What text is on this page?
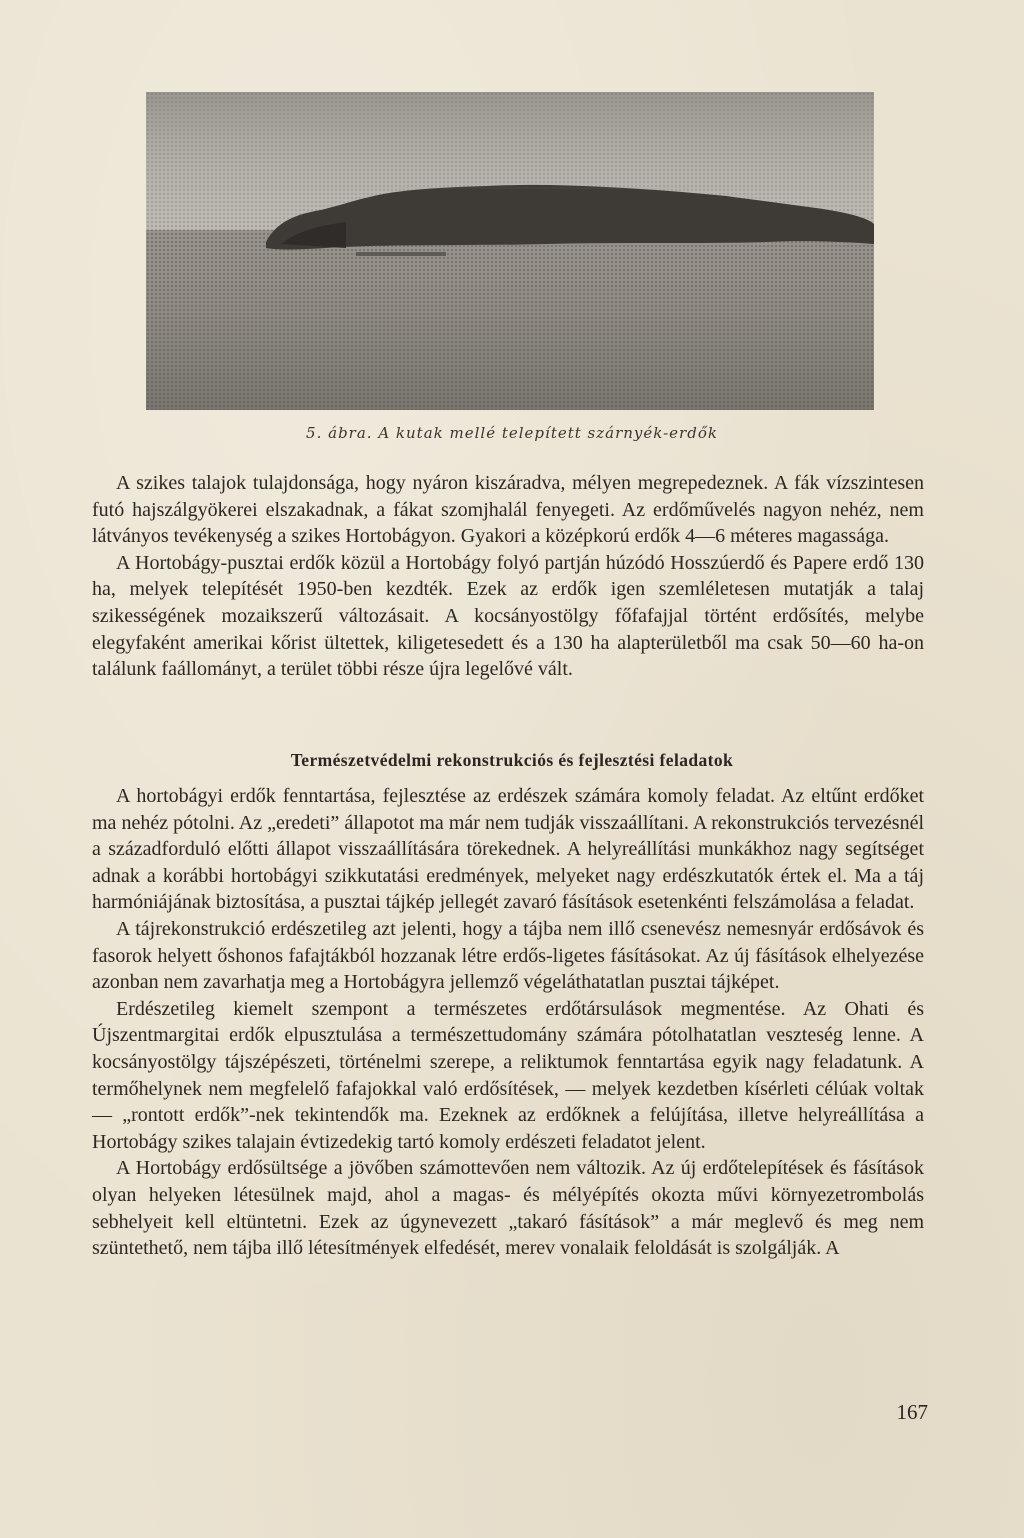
5. ábra. A kutak mellé telepített szárnyék-erdők

A szikes talajok tulajdonsága, hogy nyáron kiszáradva, mélyen megrepedeznek. A fák vízszintesen futó hajszálgyökerei elszakadnak, a fákat szomjhalál fenyegeti. Az erdőművelés nagyon nehéz, nem látványos tevékenység a szikes Hortobágyon. Gyakori a középkorú erdők 4—6 méteres magassága.

A Hortobágy-pusztai erdők közül a Hortobágy folyó partján húzódó Hosszúerdő és Papere erdő 130 ha, melyek telepítését 1950-ben kezdték. Ezek az erdők igen szemléletesen mutatják a talaj szikességének mozaikszerű változásait. A kocsányostölgy főfafajjal történt erdősítés, melybe elegyfaként amerikai kőrist ültettek, kiligetesedett és a 130 ha alapterületből ma csak 50—60 ha-on találunk faállományt, a terület többi része újra legelővé vált.

Természetvédelmi rekonstrukciós és fejlesztési feladatok

A hortobágyi erdők fenntartása, fejlesztése az erdészek számára komoly feladat. Az eltűnt erdőket ma nehéz pótolni. Az „eredeti” állapotot ma már nem tudják visszaállítani. A rekonstrukciós tervezésnél a századforduló előtti állapot visszaállítására törekednek. A helyreállítási munkákhoz nagy segítséget adnak a korábbi hortobágyi szikkutatási eredmények, melyeket nagy erdészkutatók értek el. Ma a táj harmóniájának biztosítása, a pusztai tájkép jellegét zavaró fásítások esetenkénti felszámolása a feladat.

A tájrekonstrukció erdészetileg azt jelenti, hogy a tájba nem illő csenevész nemesnyár erdősávok és fasorok helyett őshonos fafajtákból hozzanak létre erdős-ligetes fásításokat. Az új fásítások elhelyezése azonban nem zavarhatja meg a Hortobágyra jellemző végeláthatatlan pusztai tájképet.

Erdészetileg kiemelt szempont a természetes erdőtársulások megmentése. Az Ohati és Újszentmargitai erdők elpusztulása a természettudomány számára pótolhatatlan veszteség lenne. A kocsányostölgy tájszépészeti, történelmi szerepe, a reliktumok fenntartása egyik nagy feladatunk. A termőhelynek nem megfelelő fafajokkal való erdősítések, — melyek kezdetben kísérleti célúak voltak — „rontott erdők”-nek tekintendők ma. Ezeknek az erdőknek a felújítása, illetve helyreállítása a Hortobágy szikes talajain évtizedekig tartó komoly erdészeti feladatot jelent.

A Hortobágy erdősültsége a jövőben számottevően nem változik. Az új erdőtelepítések és fásítások olyan helyeken létesülnek majd, ahol a magas- és mélyépítés okozta művi környezetrombolás sebhelyeit kell eltüntetni. Ezek az úgynevezett „takaró fásítások” a már meglevő és meg nem szüntethető, nem tájba illő létesítmények elfedését, merev vonalaik feloldását is szolgálják. A

167
